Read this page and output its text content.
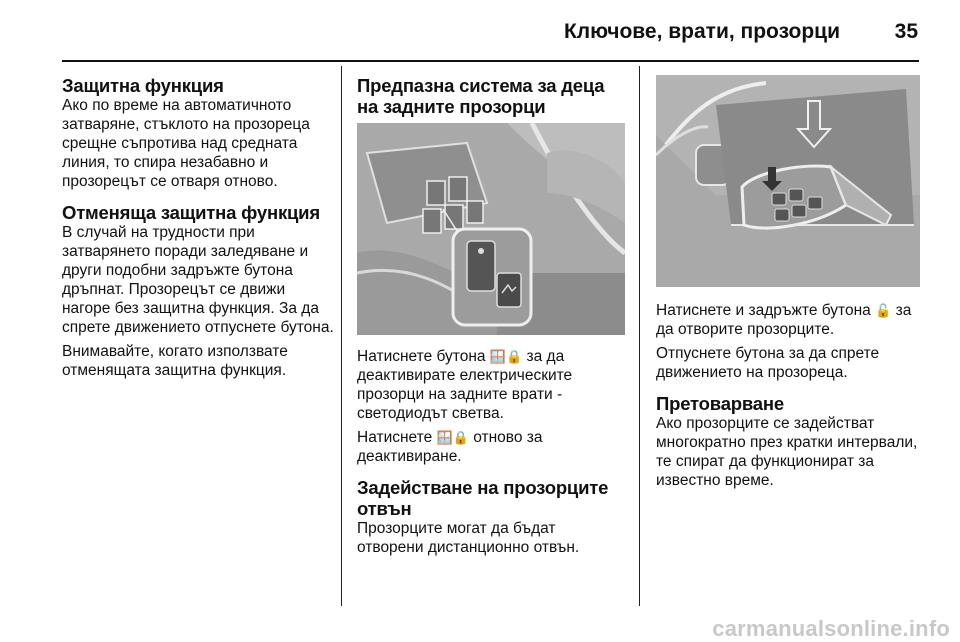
Ключове, врати, прозорци	35
Защитна функция

Ако по време на автоматичното затваряне, стъклото на прозореца срещне съпротива над средната линия, то спира незабавно и прозорецът се отваря отново.

Отменяща защитна функция

В случай на трудности при затварянето поради заледяване и други подобни задръжте бутона дръпнат. Прозорецът се движи нагоре без защитна функция. За да спрете движението отпуснете бутона.

Внимавайте, когато използвате отменящата защитна функция.

Предпазна система за деца на задните прозорци

Натиснете бутона 🪟🔒 за да деактивирате електрическите прозорци на задните врати - светодиодът светва.

Натиснете 🪟🔒 отново за деактивиране.

Задействане на прозорците отвън

Прозорците могат да бъдат отворени дистанционно отвън.

Натиснете и задръжте бутона 🔓 за да отворите прозорците.

Отпуснете бутона за да спрете движението на прозореца.

Претоварване

Ако прозорците се задействат многократно през кратки интервали, те спират да функционират за известно време.

carmanualsonline.info
